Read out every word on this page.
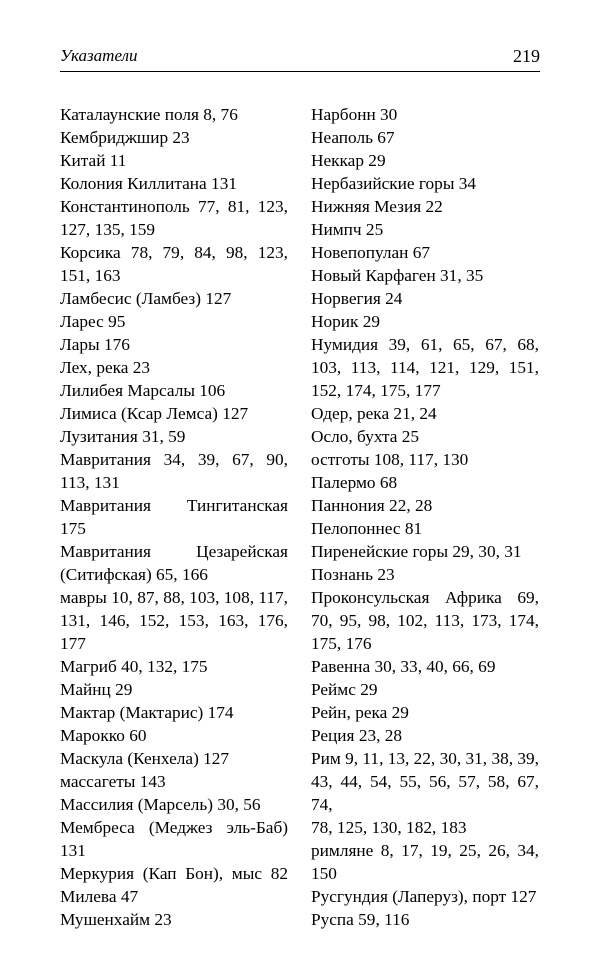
Указатели	219
Каталаунские поля 8, 76
Кембриджшир 23
Китай 11
Колония Киллитана 131
Константинополь 77, 81, 123,
127, 135, 159
Корсика 78, 79, 84, 98, 123,
151, 163
Ламбесис (Ламбез) 127
Ларес 95
Лары 176
Лех, река 23
Лилибея Марсалы 106
Лимиса (Ксар Лемса) 127
Лузитания 31, 59
Мавритания 34, 39, 67, 90,
113, 131
Мавритания Тингитанская
175
Мавритания Цезарейская
(Ситифская) 65, 166
мавры 10, 87, 88, 103, 108, 117,
131, 146, 152, 153, 163, 176, 177
Магриб 40, 132, 175
Майнц 29
Мактар (Мактарис) 174
Марокко 60
Маскула (Кенхела) 127
массагеты 143
Массилия (Марсель) 30, 56
Мембреса (Меджез эль-Баб)
131
Меркурия (Кап Бон), мыс 82
Милева 47
Мушенхайм 23
Нарбонн 30
Неаполь 67
Неккар 29
Нербазийские горы 34
Нижняя Мезия 22
Нимпч 25
Новепопулан 67
Новый Карфаген 31, 35
Норвегия 24
Норик 29
Нумидия 39, 61, 65, 67, 68,
103, 113, 114, 121, 129, 151,
152, 174, 175, 177
Одер, река 21, 24
Осло, бухта 25
остготы 108, 117, 130
Палермо 68
Паннония 22, 28
Пелопоннес 81
Пиренейские горы 29, 30, 31
Познань 23
Проконсульская Африка 69,
70, 95, 98, 102, 113, 173, 174,
175, 176
Равенна 30, 33, 40, 66, 69
Реймс 29
Рейн, река 29
Реция 23, 28
Рим 9, 11, 13, 22, 30, 31, 38, 39,
43, 44, 54, 55, 56, 57, 58, 67, 74,
78, 125, 130, 182, 183
римляне 8, 17, 19, 25, 26, 34,
150
Русгундия (Лаперуз), порт 127
Руспа 59, 116
